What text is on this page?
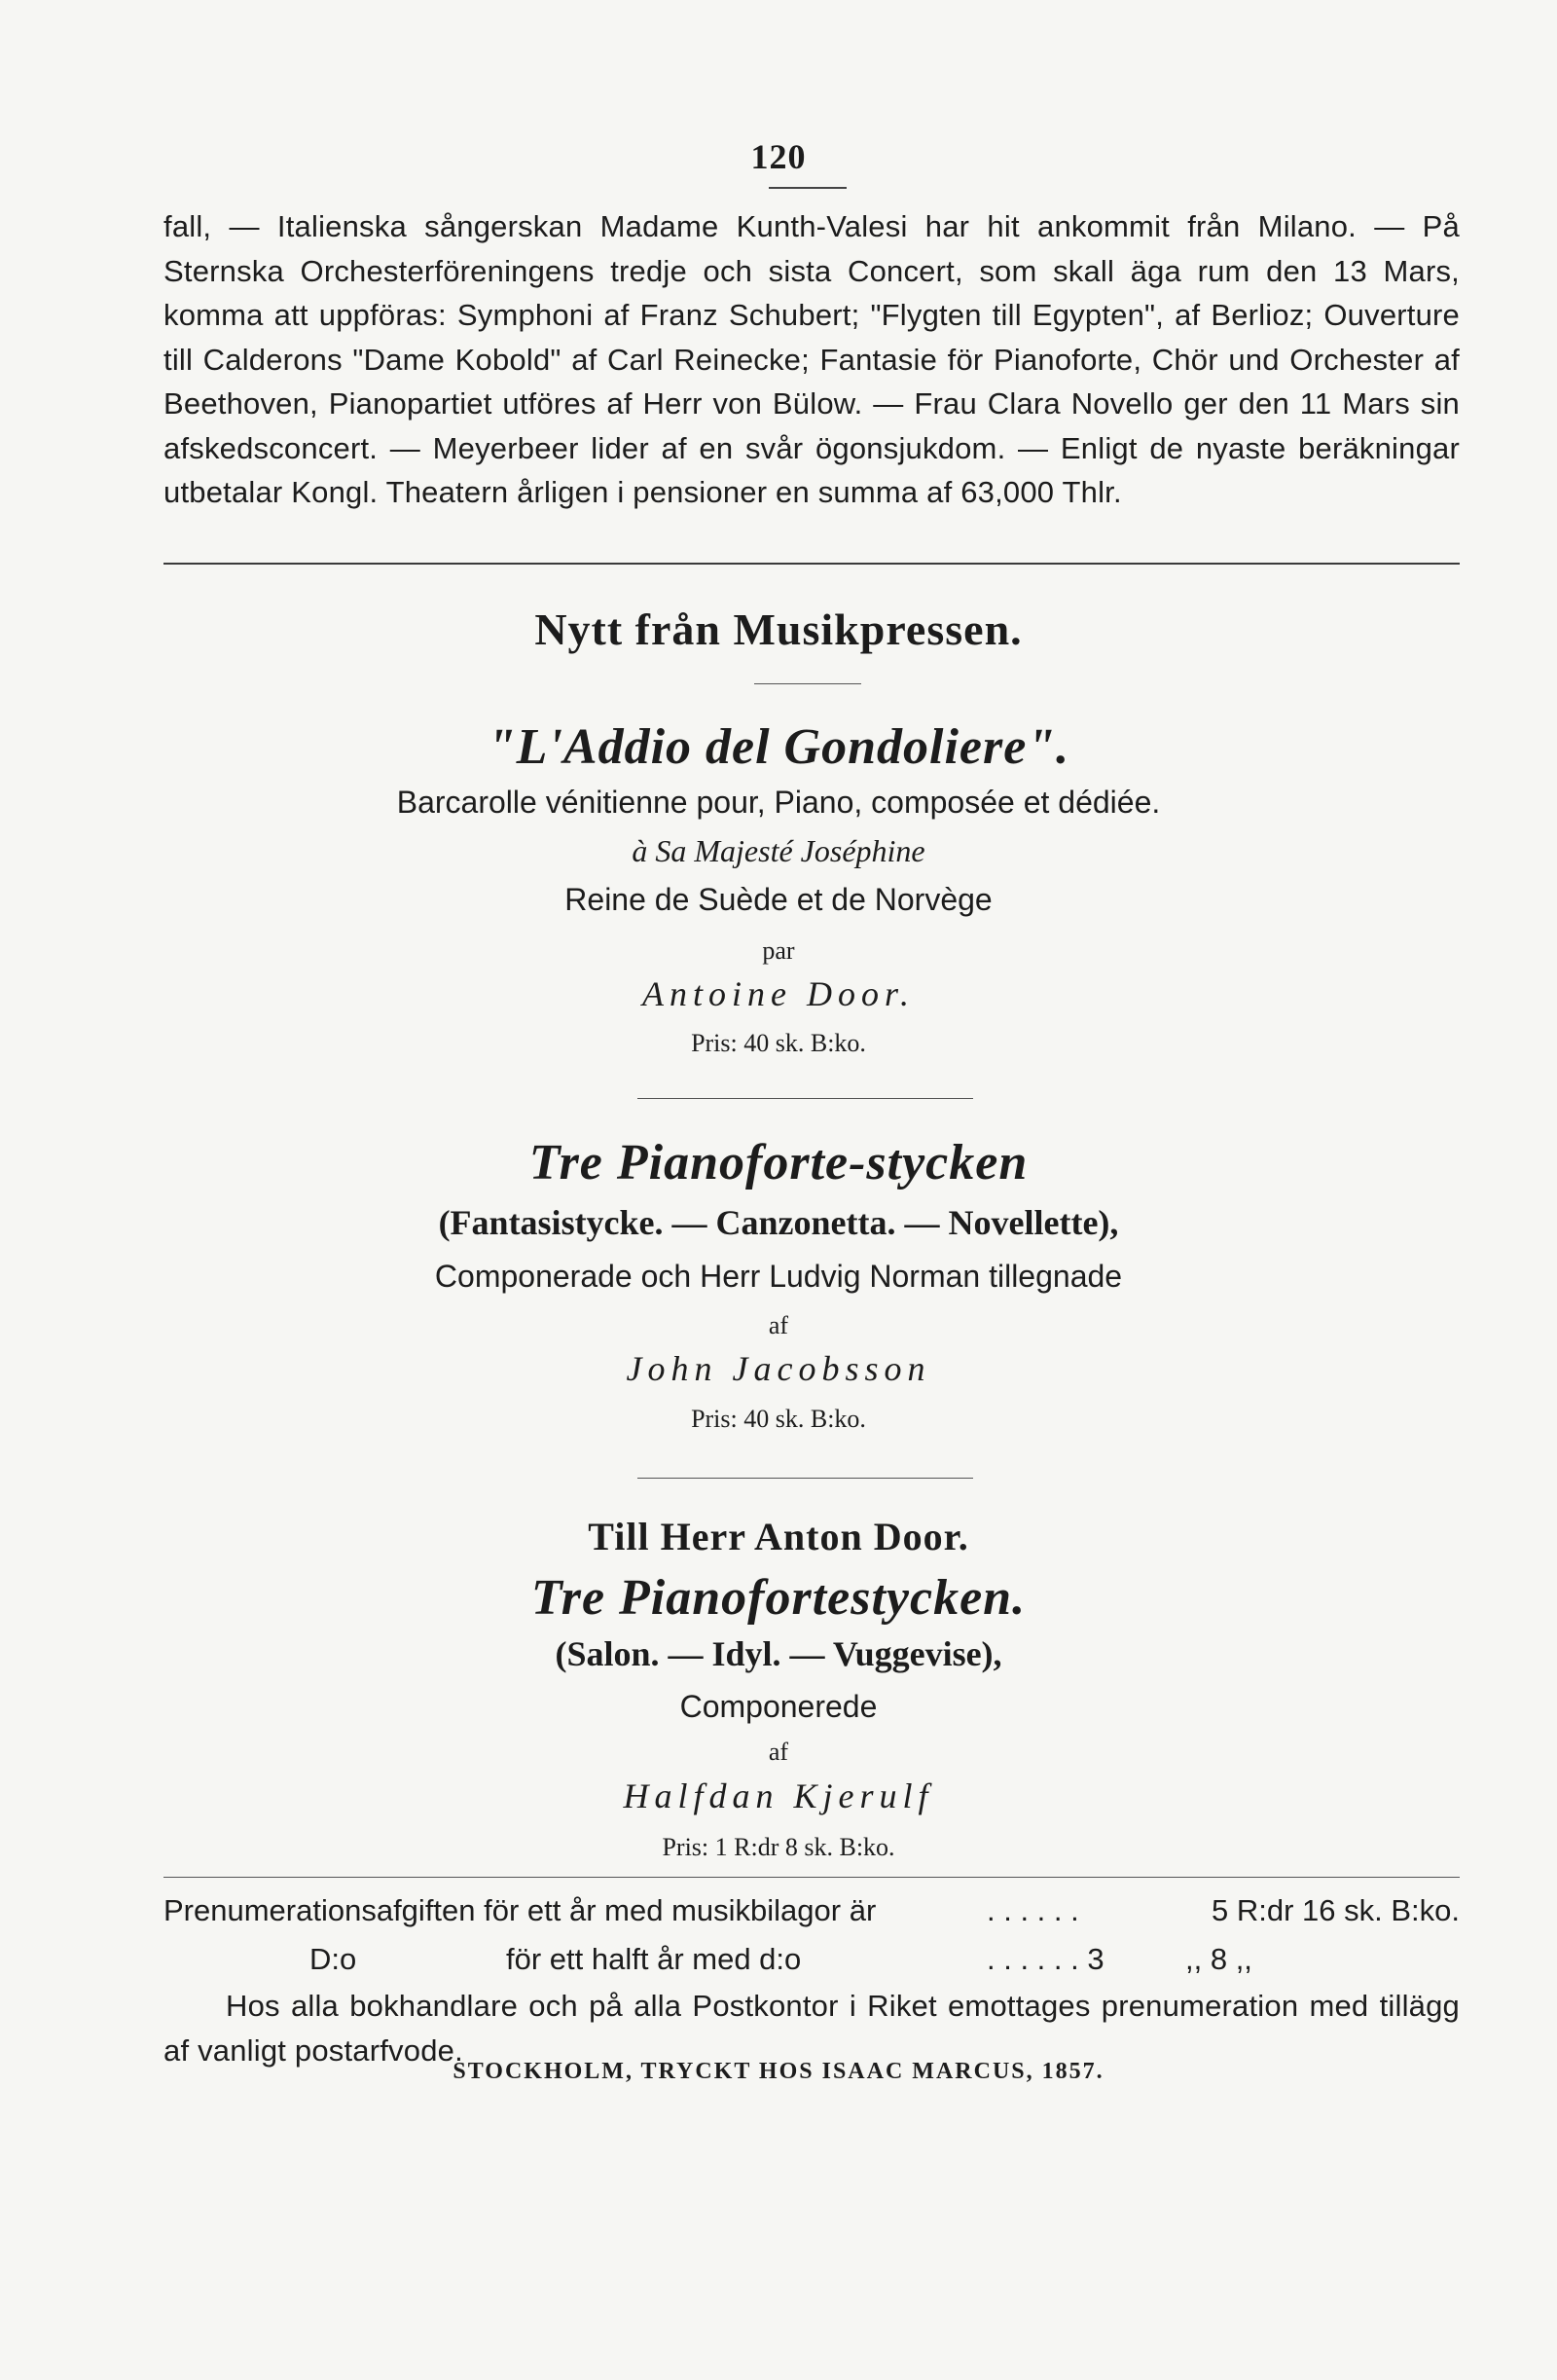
120

fall, — Italienska sångerskan Madame Kunth-Valesi har hit ankommit från Milano. — På Sternska Orchesterföreningens tredje och sista Concert, som skall äga rum den 13 Mars, komma att uppföras: Symphoni af Franz Schubert; "Flygten till Egypten", af Berlioz; Ouverture till Calderons "Dame Kobold" af Carl Reinecke; Fantasie för Pianoforte, Chör und Orchester af Beethoven, Pianopartiet utföres af Herr von Bülow. — Frau Clara Novello ger den 11 Mars sin afskedsconcert. — Meyerbeer lider af en svår ögonsjukdom. — Enligt de nyaste beräkningar utbetalar Kongl. Theatern årligen i pensioner en summa af 63,000 Thlr.

Nytt från Musikpressen.
"L'Addio del Gondoliere".
Barcarolle vénitienne pour, Piano, composée et dédiée.
à Sa Majesté Joséphine
Reine de Suède et de Norvège
par
Antoine Door.
Pris: 40 sk. B:ko.
Tre Pianoforte-stycken
(Fantasistycke. — Canzonetta. — Novellette),
Componerade och Herr Ludvig Norman tillegnade
af
John Jacobsson
Pris: 40 sk. B:ko.
Till Herr Anton Door.
Tre Pianofortestycken.
(Salon. — Idyl. — Vuggevise),
Componerede
af
Halfdan Kjerulf
Pris: 1 R:dr 8 sk. B:ko.
Prenumerationsafgiften för ett år med musikbilagor är	. . . . . .	5 R:dr 16 sk. B:ko.
D:o	för ett halft år med d:o	. . . . . . 3	,, 8 ,,

Hos alla bokhandlare och på alla Postkontor i Riket emottages prenumeration med tillägg af vanligt postarfvode.

STOCKHOLM, TRYCKT HOS ISAAC MARCUS, 1857.
